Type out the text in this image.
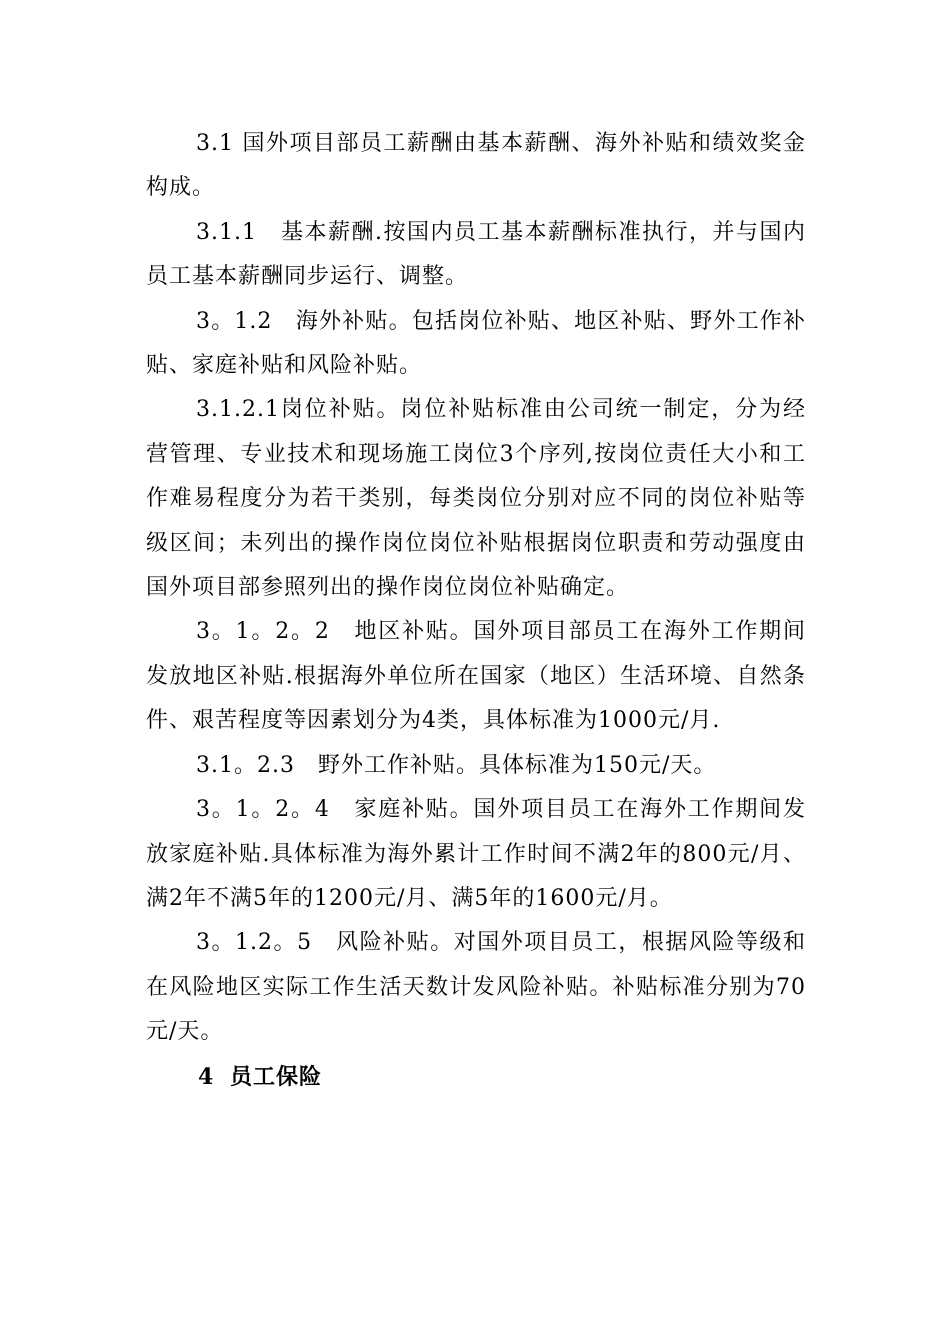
3.1 国外项目部员工薪酬由基本薪酬、海外补贴和绩效奖金构成。

3.1.1　基本薪酬.按国内员工基本薪酬标准执行，并与国内员工基本薪酬同步运行、调整。

3。1.2　海外补贴。包括岗位补贴、地区补贴、野外工作补贴、家庭补贴和风险补贴。

3.1.2.1岗位补贴。岗位补贴标准由公司统一制定，分为经营管理、专业技术和现场施工岗位3个序列,按岗位责任大小和工作难易程度分为若干类别，每类岗位分别对应不同的岗位补贴等级区间；未列出的操作岗位岗位补贴根据岗位职责和劳动强度由国外项目部参照列出的操作岗位岗位补贴确定。

3。1。2。2　地区补贴。国外项目部员工在海外工作期间发放地区补贴.根据海外单位所在国家（地区）生活环境、自然条件、艰苦程度等因素划分为4类，具体标准为1000元/月.

3.1。2.3　野外工作补贴。具体标准为150元/天。

3。1。2。4　家庭补贴。国外项目员工在海外工作期间发放家庭补贴.具体标准为海外累计工作时间不满2年的800元/月、满2年不满5年的1200元/月、满5年的1600元/月。

3。1.2。5　风险补贴。对国外项目员工，根据风险等级和在风险地区实际工作生活天数计发风险补贴。补贴标准分别为70元/天。

4 员工保险
